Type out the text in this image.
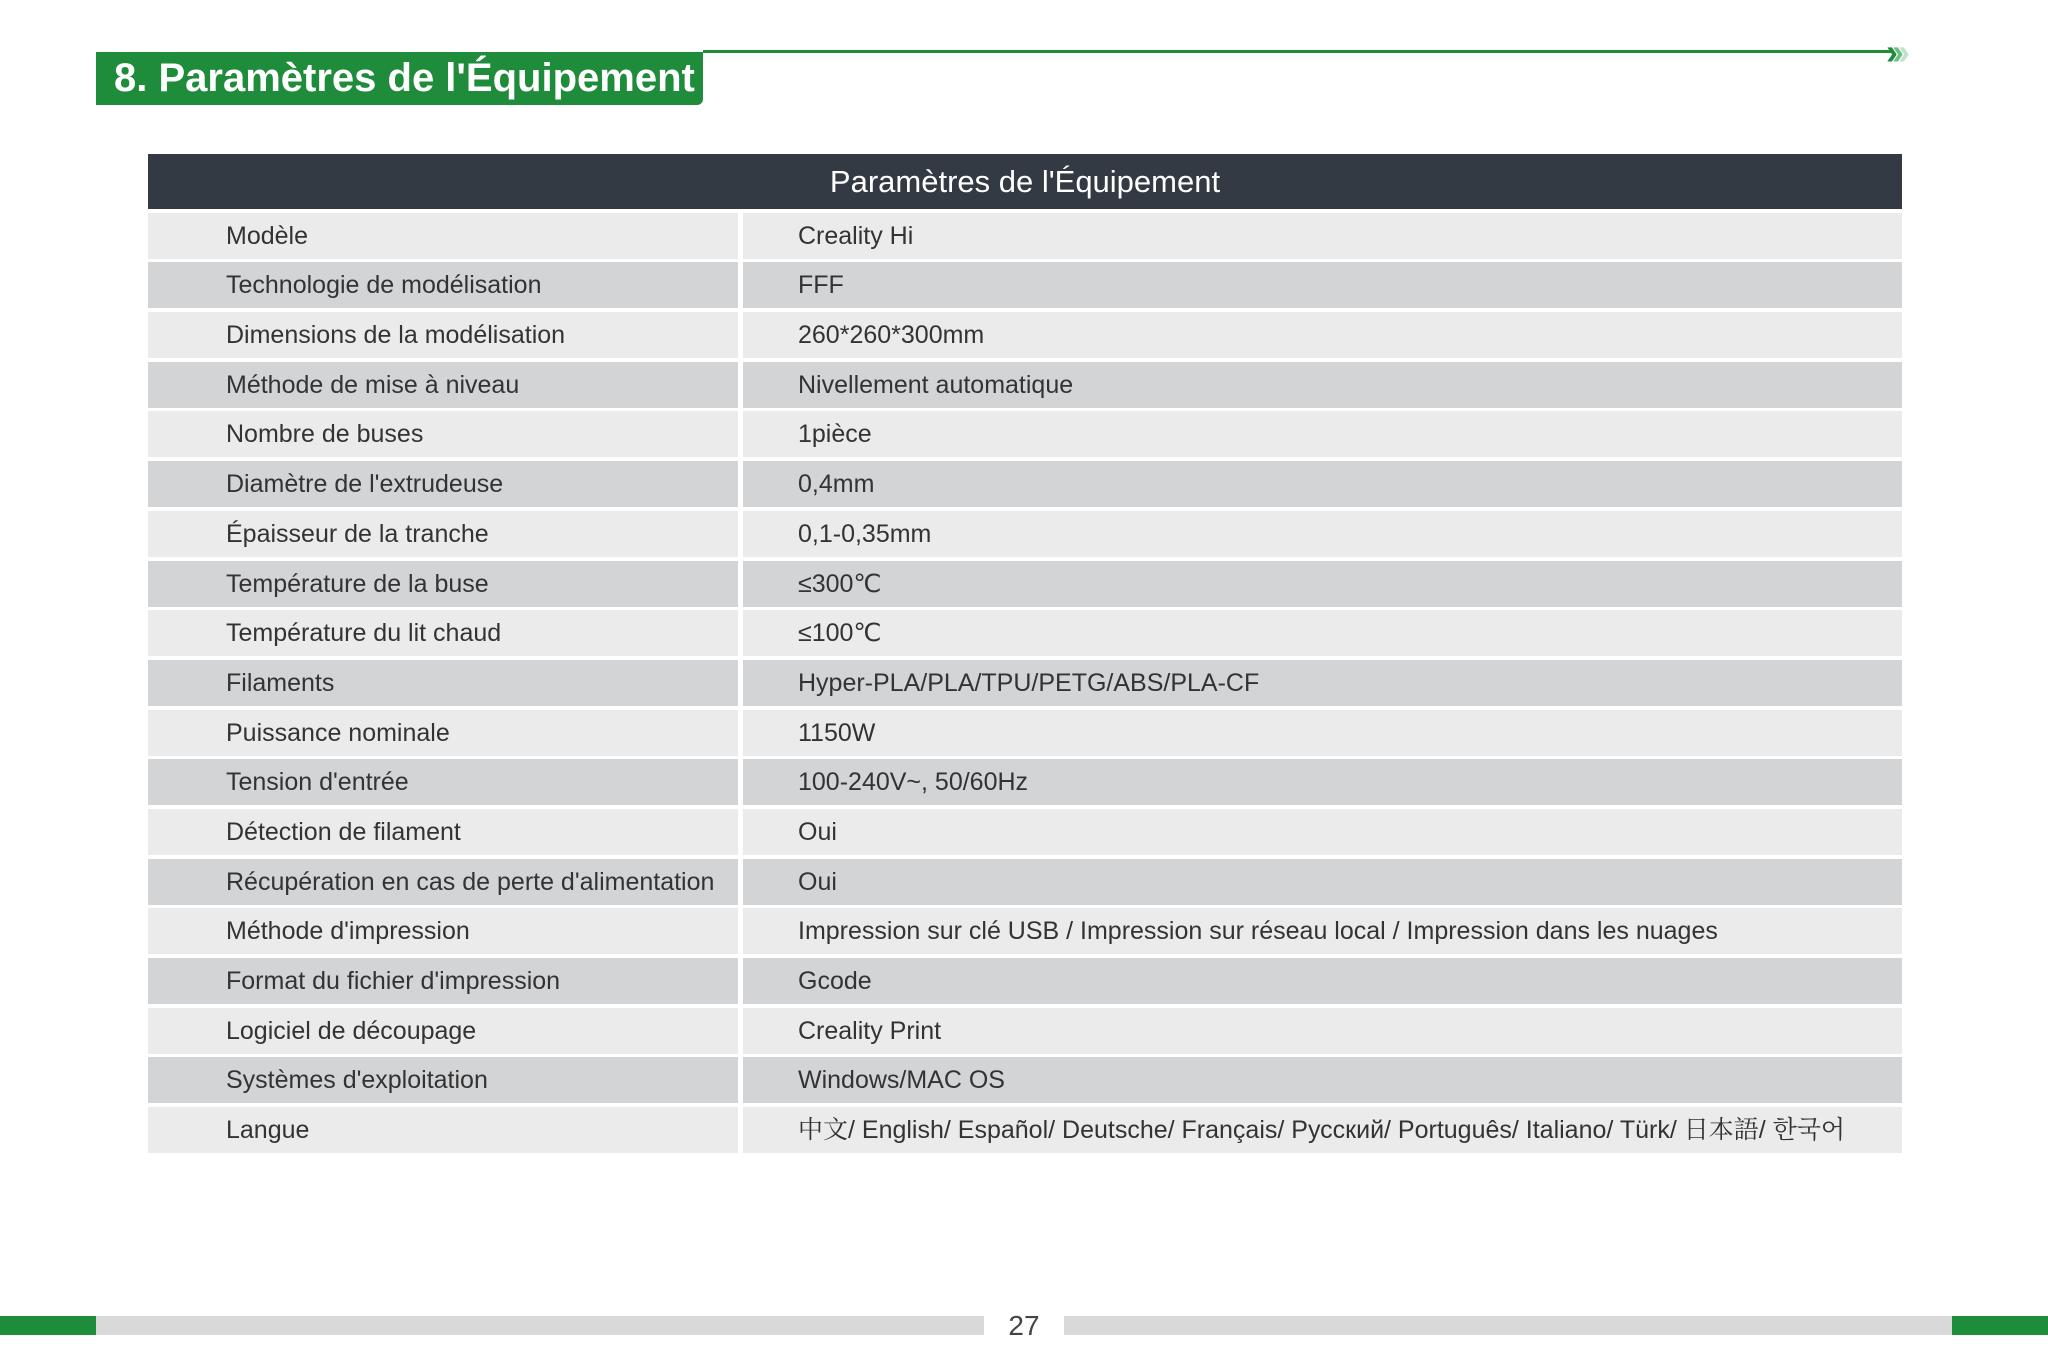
8. Paramètres de l'Équipement
›››
Paramètres de l'Équipement
Modèle	Creality Hi
Technologie de modélisation	FFF
Dimensions de la modélisation	260*260*300mm
Méthode de mise à niveau	Nivellement automatique
Nombre de buses	1pièce
Diamètre de l'extrudeuse	0,4mm
Épaisseur de la tranche	0,1-0,35mm
Température de la buse	≤300℃
Température du lit chaud	≤100℃
Filaments	Hyper-PLA/PLA/TPU/PETG/ABS/PLA-CF
Puissance nominale	1150W
Tension d'entrée	100-240V~, 50/60Hz
Détection de filament	Oui
Récupération en cas de perte d'alimentation	Oui
Méthode d'impression	Impression sur clé USB / Impression sur réseau local / Impression dans les nuages
Format du fichier d'impression	Gcode
Logiciel de découpage	Creality Print
Systèmes d'exploitation	Windows/MAC OS
Langue	中文/ English/ Español/ Deutsche/ Français/ Русский/ Português/ Italiano/ Türk/ 日本語/ 한국어
27
